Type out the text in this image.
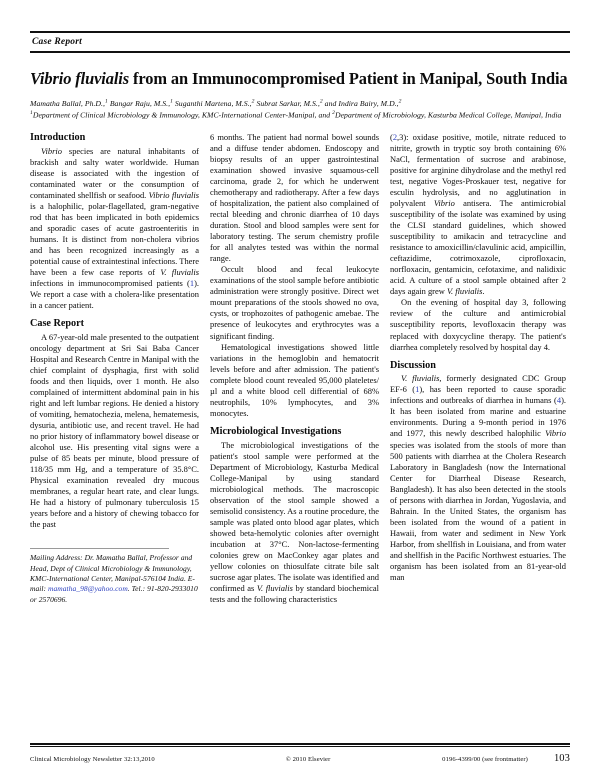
Case Report
Vibrio fluvialis from an Immunocompromised Patient in Manipal, South India
Mamatha Ballal, Ph.D.,$^1$ Bangar Raju, M.S.,$^1$ Suganthi Martena, M.S.,$^2$ Subrat Sarkar, M.S.,$^2$ and Indira Bairy, M.D.,$^2$
$^1$Department of Clinical Microbiology & Immunology, KMC-International Center-Manipal, and $^2$Department of Microbiology, Kasturba Medical College, Manipal, India
Introduction

Vibrio species are natural inhabitants of brackish and salty water worldwide. Human disease is associated with the ingestion of contaminated water or the consumption of contaminated shellfish or seafood. Vibrio fluvialis is a halophilic, polar-flagellated, gram-negative rod that has been implicated in both epidemics and sporadic cases of acute gastroenteritis in humans. It is distinct from non-cholera vibrios and has been recognized increasingly as a potential cause of extraintestinal infections. There have been a few case reports of V. fluvialis infections in immunocompromised patients (1). We report a case with a cholera-like presentation in a cancer patient.

Case Report

A 67-year-old male presented to the outpatient oncology department at Sri Sai Baba Cancer Hospital and Research Centre in Manipal with the chief complaint of dysphagia, first with solid foods and then liquids, over 1 month. He also complained of intermittent abdominal pain in his right and left lumbar regions. He denied a history of vomiting, hematochezia, melena, hematemesis, dysuria, antibiotic use, and recent travel. He had no prior history of inflammatory bowel disease or alcohol use. His presenting vital signs were a pulse of 85 beats per minute, blood pressure of 118/35 mm Hg, and a temperature of 35.8°C. Physical examination revealed dry mucous membranes, a regular heart rate, and clear lungs. He had a history of pulmonary tuberculosis 15 years before and a history of chewing tobacco for the past

Mailing Address: Dr. Mamatha Ballal, Professor and Head, Dept of Clinical Microbiology & Immunology, KMC-International Center, Manipal-576104 India. E-mail: mamatha_98@yahoo.com. Tel.: 91-820-2933010 or 2570696.

6 months. The patient had normal bowel sounds and a diffuse tender abdomen. Endoscopy and biopsy results of an upper gastrointestinal examination showed invasive squamous-cell carcinoma, grade 2, for which he underwent chemotherapy and radiotherapy. After a few days of hospitalization, the patient also complained of rectal bleeding and chronic diarrhea of 10 days duration. Stool and blood samples were sent for laboratory testing. The serum chemistry profile for all analytes tested was within the normal range.

Occult blood and fecal leukocyte examinations of the stool sample before antibiotic administration were strongly positive. Direct wet mount preparations of the stools showed no ova, cysts, or trophozoites of pathogenic amebae. The presence of leukocytes and erythrocytes was a significant finding.

Hematological investigations showed little variations in the hemoglobin and hematocrit levels before and after admission. The patient's complete blood count revealed 95,000 plateletes/µl and a white blood cell differential of 68% neutrophils, 10% lymphocytes, and 3% monocytes.

Microbiological Investigations

The microbiological investigations of the patient's stool sample were performed at the Department of Microbiology, Kasturba Medical College-Manipal by using standard microbiological methods. The macroscopic observation of the stool sample showed a semisolid consistency. As a routine procedure, the sample was plated onto blood agar plates, which showed beta-hemolytic colonies after overnight incubation at 37°C. Non-lactose-fermenting colonies grew on MacConkey agar plates and yellow colonies on thiosulfate citrate bile salt sucrose agar plates. The isolate was identified and confirmed as V. fluvialis by standard biochemical tests and the following characteristics

(2,3): oxidase positive, motile, nitrate reduced to nitrite, growth in tryptic soy broth containing 6% NaCl, fermentation of sucrose and arabinose, positive for arginine dihydrolase and the methyl red test, negative Voges-Proskauer test, negative for esculin hydrolysis, and no agglutination in polyvalent Vibrio antisera. The antimicrobial susceptibility of the isolate was examined by using the CLSI standard guidelines, which showed susceptibility to amikacin and tetracycline and resistance to amoxicillin/clavulinic acid, ampicillin, ceftazidime, cotrimoxazole, ciprofloxacin, norfloxacin, gentamicin, cefotaxime, and nalidixic acid. A culture of a stool sample obtained after 2 days again grew V. fluvialis.

On the evening of hospital day 3, following review of the culture and antimicrobial susceptibility reports, levofloxacin therapy was replaced with doxycycline therapy. The patient's diarrhea completely resolved by hospital day 4.

Discussion

V. fluvialis, formerly designated CDC Group EF-6 (1), has been reported to cause sporadic infections and outbreaks of diarrhea in humans (4). It has been isolated from marine and estuarine environments. During a 9-month period in 1976 and 1977, this newly described halophilic Vibrio species was isolated from the stools of more than 500 patients with diarrhea at the Cholera Research Laboratory in Bangladesh (now the International Center for Diarrheal Disease Research, Bangladesh). It has also been detected in the stools of persons with diarrhea in Jordan, Yugoslavia, and Bahrain. In the United States, the organism has been isolated from the wound of a patient in Hawaii, from water and sediment in New York Harbor, from shellfish in Louisiana, and from water and shellfish in the Pacific Northwest estuaries. The organism has been isolated from an 81-year-old man

Clinical Microbiology Newsletter 32:13,2010	© 2010 Elsevier	0196-4399/00 (see frontmatter) 103
